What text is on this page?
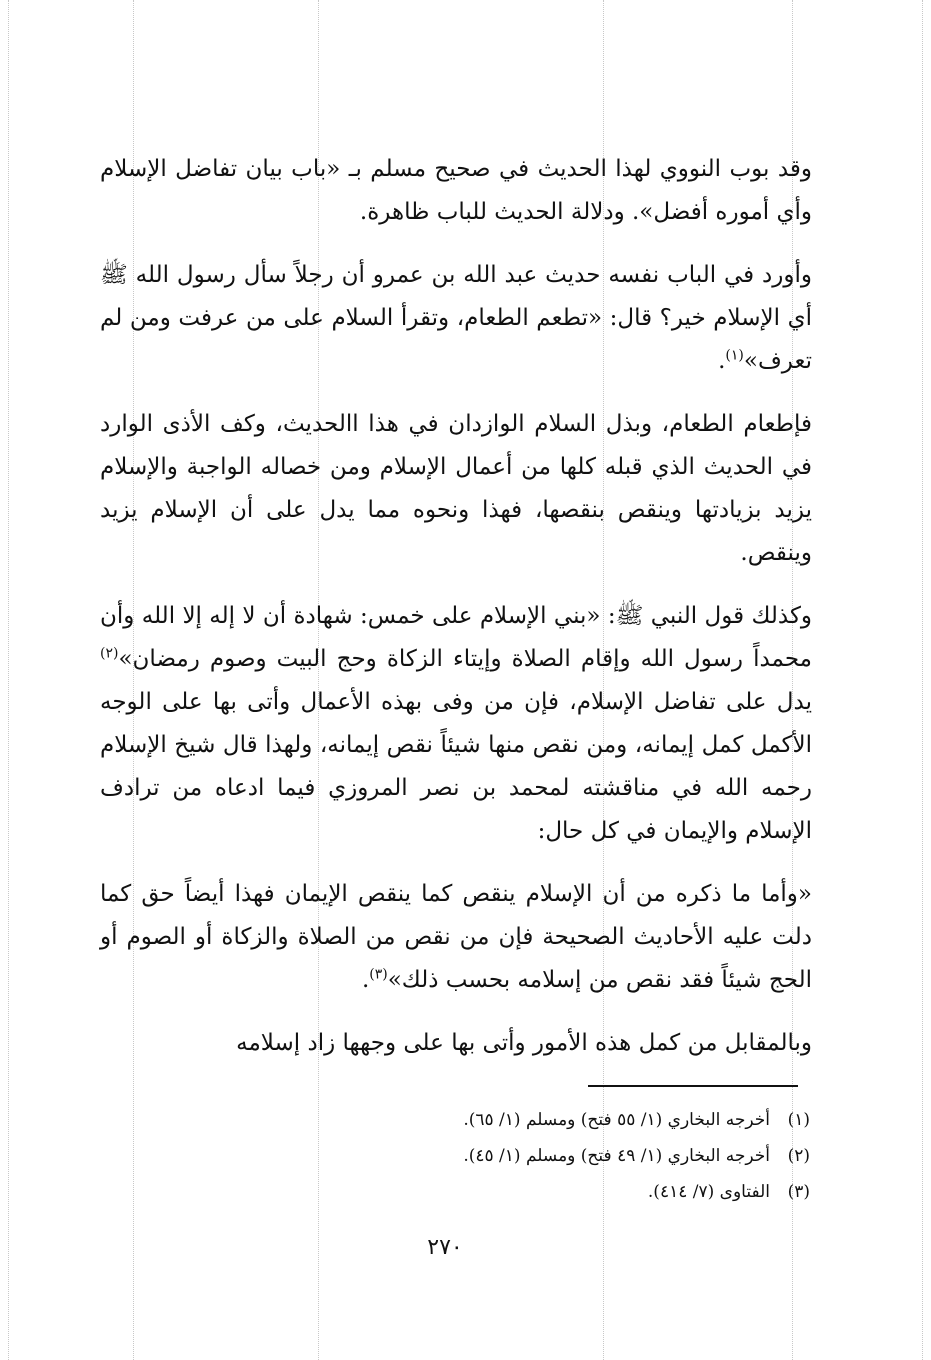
وقد بوب النووي لهذا الحديث في صحيح مسلم بـ «باب بيان تفاضل الإسلام وأي أموره أفضل». ودلالة الحديث للباب ظاهرة.

وأورد في الباب نفسه حديث عبد الله بن عمرو أن رجلاً سأل رسول الله ﷺ أي الإسلام خير؟ قال: «تطعم الطعام، وتقرأ السلام على من عرفت ومن لم تعرف»$^{(١)}$.

فإطعام الطعام، وبذل السلام الوازدان في هذا االحديث، وكف الأذى الوارد في الحديث الذي قبله كلها من أعمال الإسلام ومن خصاله الواجبة والإسلام يزيد بزيادتها وينقص بنقصها، فهذا ونحوه مما يدل على أن الإسلام يزيد وينقص.

وكذلك قول النبي ﷺ: «بني الإسلام على خمس: شهادة أن لا إله إلا الله وأن محمداً رسول الله وإقام الصلاة وإيتاء الزكاة وحج البيت وصوم رمضان»$^{(٢)}$ يدل على تفاضل الإسلام، فإن من وفى بهذه الأعمال وأتى بها على الوجه الأكمل كمل إيمانه، ومن نقص منها شيئاً نقص إيمانه، ولهذا قال شيخ الإسلام رحمه الله في مناقشته لمحمد بن نصر المروزي فيما ادعاه من ترادف الإسلام والإيمان في كل حال:

«وأما ما ذكره من أن الإسلام ينقص كما ينقص الإيمان فهذا أيضاً حق كما دلت عليه الأحاديث الصحيحة فإن من نقص من الصلاة والزكاة أو الصوم أو الحج شيئاً فقد نقص من إسلامه بحسب ذلك»$^{(٣)}$.

وبالمقابل من كمل هذه الأمور وأتى بها على وجهها زاد إسلامه

(١)
أخرجه البخاري (١/ ٥٥ فتح) ومسلم (١/ ٦٥).
(٢)
أخرجه البخاري (١/ ٤٩ فتح) ومسلم (١/ ٤٥).
(٣)
الفتاوى (٧/ ٤١٤).
٢٧٠
